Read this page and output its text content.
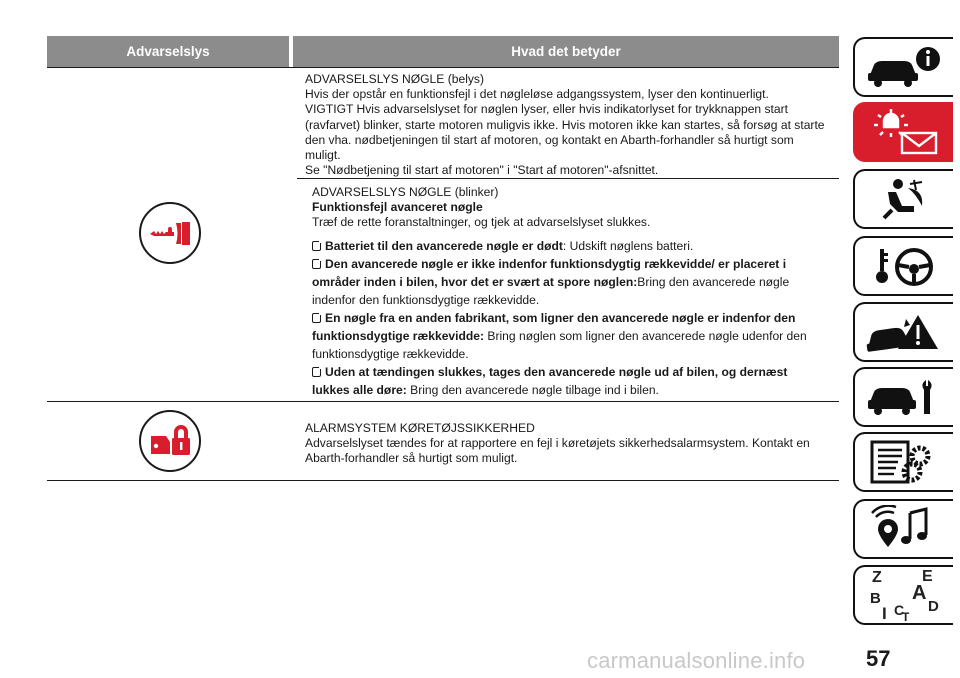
Advarselslys	Hvad det betyder

ADVARSELSLYS NØGLE (belys)

Hvis der opstår en funktionsfejl i det nøgleløse adgangssystem, lyser den kontinuerligt.

VIGTIGT Hvis advarselslyset for nøglen lyser, eller hvis indikatorlyset for trykknappen start

(ravfarvet) blinker, starte motoren muligvis ikke. Hvis motoren ikke kan startes, så forsøg at starte

den vha. nødbetjeningen til start af motoren, og kontakt en Abarth-forhandler så hurtigt som

muligt.

Se "Nødbetjening til start af motoren" i "Start af motoren"-afsnittet.

ADVARSELSLYS NØGLE (blinker)

Funktionsfejl avanceret nøgle

Træf de rette foranstaltninger, og tjek at advarselslyset slukkes.

Batteriet til den avancerede nøgle er dødt: Udskift nøglens batteri.

Den avancerede nøgle er ikke indenfor funktionsdygtig rækkevidde/ er placeret i
områder inden i bilen, hvor det er svært at spore nøglen:Bring den avancerede nøgle
indenfor den funktionsdygtige rækkevidde.

En nøgle fra en anden fabrikant, som ligner den avancerede nøgle er indenfor den
funktionsdygtige rækkevidde: Bring nøglen som ligner den avancerede nøgle udenfor den
funktionsdygtige rækkevidde.

Uden at tændingen slukkes, tages den avancerede nøgle ud af bilen, og dernæst
lukkes alle døre: Bring den avancerede nøgle tilbage ind i bilen.

ALARMSYSTEM KØRETØJSSIKKERHED

Advarselslyset tændes for at rapportere en fejl i køretøjets sikkerhedsalarmsystem. Kontakt en

Abarth-forhandler så hurtigt som muligt.

Z	E
A
B	D
I C
T
carmanualsonline.info	57
